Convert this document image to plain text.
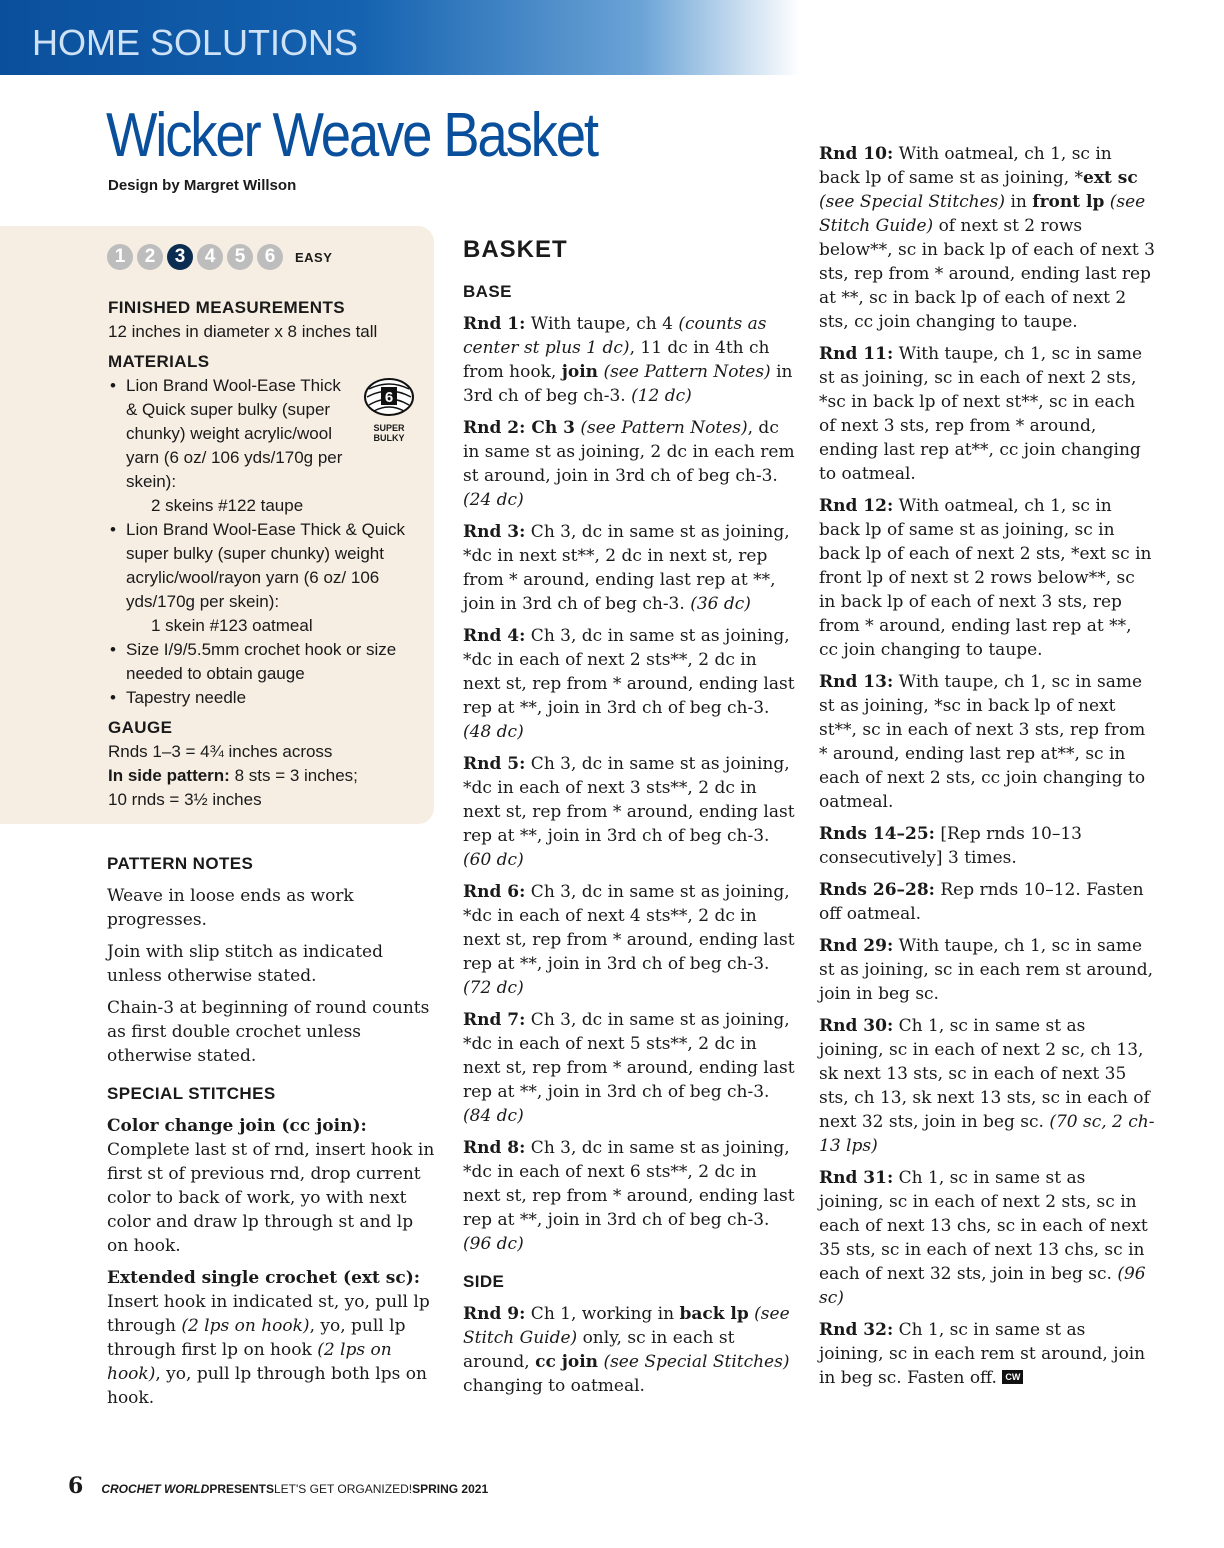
HOME SOLUTIONS
Wicker Weave Basket
Design by Margret Willson
1	2	3	4	5	6	EASY
6
SUPER BULKY
FINISHED MEASUREMENTS

12 inches in diameter x 8 inches tall

MATERIALS
• Lion Brand Wool-Ease Thick & Quick super bulky (super chunky) weight acrylic/wool yarn (6 oz/ 106 yds/170g per skein):
2 skeins #122 taupe
• Lion Brand Wool-Ease Thick & Quick super bulky (super chunky) weight acrylic/wool/rayon yarn (6 oz/ 106 yds/170g per skein):
1 skein #123 oatmeal
• Size I/9/5.5mm crochet hook or size needed to obtain gauge
• Tapestry needle
GAUGE

Rnds 1–3 = 4¾ inches across

In side pattern: 8 sts = 3 inches;

10 rnds = 3½ inches

PATTERN NOTES

Weave in loose ends as work progresses.

Join with slip stitch as indicated unless otherwise stated.

Chain-3 at beginning of round counts as first double crochet unless otherwise stated.

SPECIAL STITCHES

Color change join (cc join): Complete last st of rnd, insert hook in first st of previous rnd, drop current color to back of work, yo with next color and draw lp through st and lp on hook.

Extended single crochet (ext sc): Insert hook in indicated st, yo, pull lp through (2 lps on hook), yo, pull lp through first lp on hook (2 lps on hook), yo, pull lp through both lps on hook.

BASKET
BASE

Rnd 1: With taupe, ch 4 (counts as center st plus 1 dc), 11 dc in 4th ch from hook, join (see Pattern Notes) in 3rd ch of beg ch-3. (12 dc)

Rnd 2: Ch 3 (see Pattern Notes), dc in same st as joining, 2 dc in each rem st around, join in 3rd ch of beg ch-3. (24 dc)

Rnd 3: Ch 3, dc in same st as joining, *dc in next st**, 2 dc in next st, rep from * around, ending last rep at **, join in 3rd ch of beg ch-3. (36 dc)

Rnd 4: Ch 3, dc in same st as joining, *dc in each of next 2 sts**, 2 dc in next st, rep from * around, ending last rep at **, join in 3rd ch of beg ch-3. (48 dc)

Rnd 5: Ch 3, dc in same st as joining, *dc in each of next 3 sts**, 2 dc in next st, rep from * around, ending last rep at **, join in 3rd ch of beg ch-3. (60 dc)

Rnd 6: Ch 3, dc in same st as joining, *dc in each of next 4 sts**, 2 dc in next st, rep from * around, ending last rep at **, join in 3rd ch of beg ch-3. (72 dc)

Rnd 7: Ch 3, dc in same st as joining, *dc in each of next 5 sts**, 2 dc in next st, rep from * around, ending last rep at **, join in 3rd ch of beg ch-3. (84 dc)

Rnd 8: Ch 3, dc in same st as joining, *dc in each of next 6 sts**, 2 dc in next st, rep from * around, ending last rep at **, join in 3rd ch of beg ch-3. (96 dc)

SIDE

Rnd 9: Ch 1, working in back lp (see Stitch Guide) only, sc in each st around, cc join (see Special Stitches) changing to oatmeal.

Rnd 10: With oatmeal, ch 1, sc in back lp of same st as joining, *ext sc (see Special Stitches) in front lp (see Stitch Guide) of next st 2 rows below**, sc in back lp of each of next 3 sts, rep from * around, ending last rep at **, sc in back lp of each of next 2 sts, cc join changing to taupe.

Rnd 11: With taupe, ch 1, sc in same st as joining, sc in each of next 2 sts, *sc in back lp of next st**, sc in each of next 3 sts, rep from * around, ending last rep at**, cc join changing to oatmeal.

Rnd 12: With oatmeal, ch 1, sc in back lp of same st as joining, sc in back lp of each of next 2 sts, *ext sc in front lp of next st 2 rows below**, sc in back lp of each of next 3 sts, rep from * around, ending last rep at **, cc join changing to taupe.

Rnd 13: With taupe, ch 1, sc in same st as joining, *sc in back lp of next st**, sc in each of next 3 sts, rep from * around, ending last rep at**, sc in each of next 2 sts, cc join changing to oatmeal.

Rnds 14–25: [Rep rnds 10–13 consecutively] 3 times.

Rnds 26–28: Rep rnds 10–12. Fasten off oatmeal.

Rnd 29: With taupe, ch 1, sc in same st as joining, sc in each rem st around, join in beg sc.

Rnd 30: Ch 1, sc in same st as joining, sc in each of next 2 sc, ch 13, sk next 13 sts, sc in each of next 35 sts, ch 13, sk next 13 sts, sc in each of next 32 sts, join in beg sc. (70 sc, 2 ch-13 lps)

Rnd 31: Ch 1, sc in same st as joining, sc in each of next 2 sts, sc in each of next 13 chs, sc in each of next 35 sts, sc in each of next 13 chs, sc in each of next 32 sts, join in beg sc. (96 sc)

Rnd 32: Ch 1, sc in same st as joining, sc in each rem st around, join in beg sc. Fasten off. CW

6 CROCHET WORLD PRESENTS LET'S GET ORGANIZED! SPRING 2021
